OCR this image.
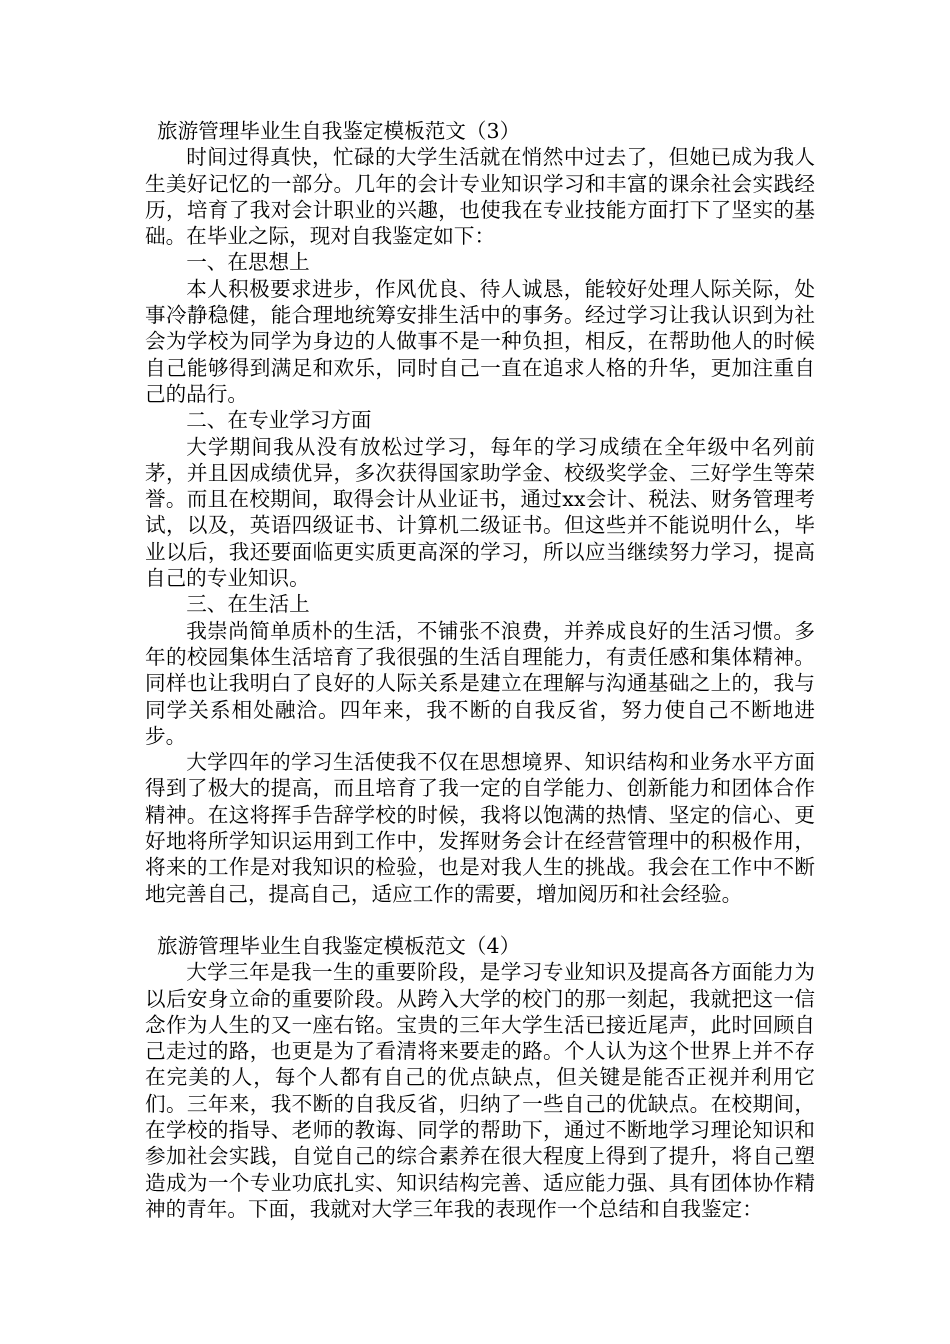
旅游管理毕业生自我鉴定模板范文（3）

时间过得真快，忙碌的大学生活就在悄然中过去了，但她已成为我人生美好记忆的一部分。几年的会计专业知识学习和丰富的课余社会实践经历，培育了我对会计职业的兴趣，也使我在专业技能方面打下了坚实的基础。在毕业之际，现对自我鉴定如下：

一、在思想上

本人积极要求进步，作风优良、待人诚恳，能较好处理人际关际，处事冷静稳健，能合理地统筹安排生活中的事务。经过学习让我认识到为社会为学校为同学为身边的人做事不是一种负担，相反，在帮助他人的时候自己能够得到满足和欢乐，同时自己一直在追求人格的升华，更加注重自己的品行。

二、在专业学习方面

大学期间我从没有放松过学习，每年的学习成绩在全年级中名列前茅，并且因成绩优异，多次获得国家助学金、校级奖学金、三好学生等荣誉。而且在校期间，取得会计从业证书，通过xx会计、税法、财务管理考试，以及，英语四级证书、计算机二级证书。但这些并不能说明什么，毕业以后，我还要面临更实质更高深的学习，所以应当继续努力学习，提高自己的专业知识。

三、在生活上

我崇尚简单质朴的生活，不铺张不浪费，并养成良好的生活习惯。多年的校园集体生活培育了我很强的生活自理能力，有责任感和集体精神。同样也让我明白了良好的人际关系是建立在理解与沟通基础之上的，我与同学关系相处融洽。四年来，我不断的自我反省，努力使自己不断地进步。

大学四年的学习生活使我不仅在思想境界、知识结构和业务水平方面得到了极大的提高，而且培育了我一定的自学能力、创新能力和团体合作精神。在这将挥手告辞学校的时候，我将以饱满的热情、坚定的信心、更好地将所学知识运用到工作中，发挥财务会计在经营管理中的积极作用，将来的工作是对我知识的检验，也是对我人生的挑战。我会在工作中不断地完善自己，提高自己，适应工作的需要，增加阅历和社会经验。

旅游管理毕业生自我鉴定模板范文（4）

大学三年是我一生的重要阶段，是学习专业知识及提高各方面能力为以后安身立命的重要阶段。从跨入大学的校门的那一刻起，我就把这一信念作为人生的又一座右铭。宝贵的三年大学生活已接近尾声，此时回顾自己走过的路，也更是为了看清将来要走的路。个人认为这个世界上并不存在完美的人，每个人都有自己的优点缺点，但关键是能否正视并利用它们。三年来，我不断的自我反省，归纳了一些自己的优缺点。在校期间，在学校的指导、老师的教诲、同学的帮助下，通过不断地学习理论知识和参加社会实践，自觉自己的综合素养在很大程度上得到了提升，将自己塑造成为一个专业功底扎实、知识结构完善、适应能力强、具有团体协作精神的青年。下面，我就对大学三年我的表现作一个总结和自我鉴定：
